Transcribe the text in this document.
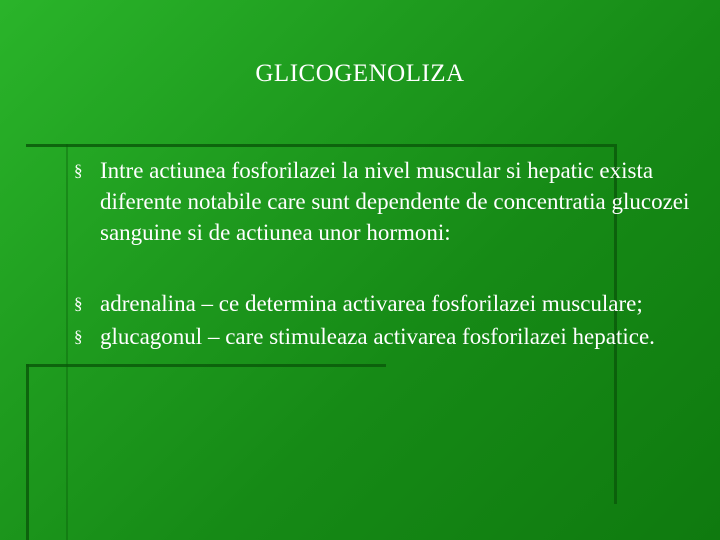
GLICOGENOLIZA
§ Intre actiunea fosforilazei la nivel muscular si hepatic exista diferente notabile care sunt dependente de concentratia glucozei sanguine si de actiunea unor hormoni:
§ adrenalina – ce determina activarea fosforilazei musculare;
§ glucagonul – care stimuleaza activarea fosforilazei hepatice.
